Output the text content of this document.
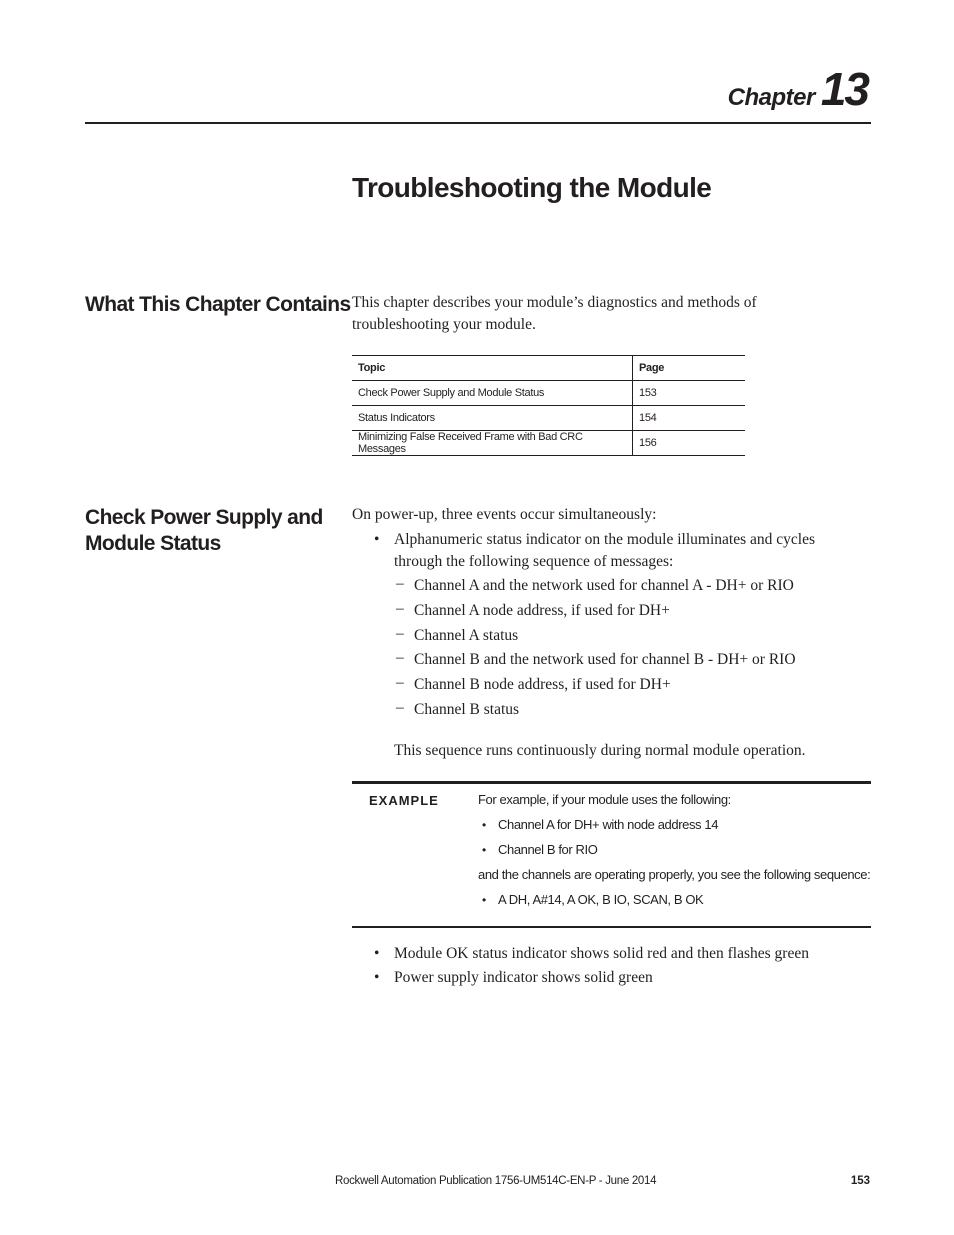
Chapter 13
Troubleshooting the Module
What This Chapter Contains This chapter describes your module’s diagnostics and methods of troubleshooting your module.

Topic	Page
Check Power Supply and Module Status	153
Status Indicators	154
Minimizing False Received Frame with Bad CRC Messages	156
Check Power Supply and Module Status

On power-up, three events occur simultaneously:

• Alphanumeric status indicator on the module illuminates and cycles through the following sequence of messages:

– Channel A and the network used for channel A - DH+ or RIO

– Channel A node address, if used for DH+

– Channel A status

– Channel B and the network used for channel B - DH+ or RIO

– Channel B node address, if used for DH+

– Channel B status

This sequence runs continuously during normal module operation.

EXAMPLE	For example, if your module uses the following:

• Channel A for DH+ with node address 14

• Channel B for RIO

and the channels are operating properly, you see the following sequence:

• A DH, A#14, A OK, B IO, SCAN, B OK

• Module OK status indicator shows solid red and then flashes green

• Power supply indicator shows solid green

Rockwell Automation Publication 1756-UM514C-EN-P - June 2014	153
